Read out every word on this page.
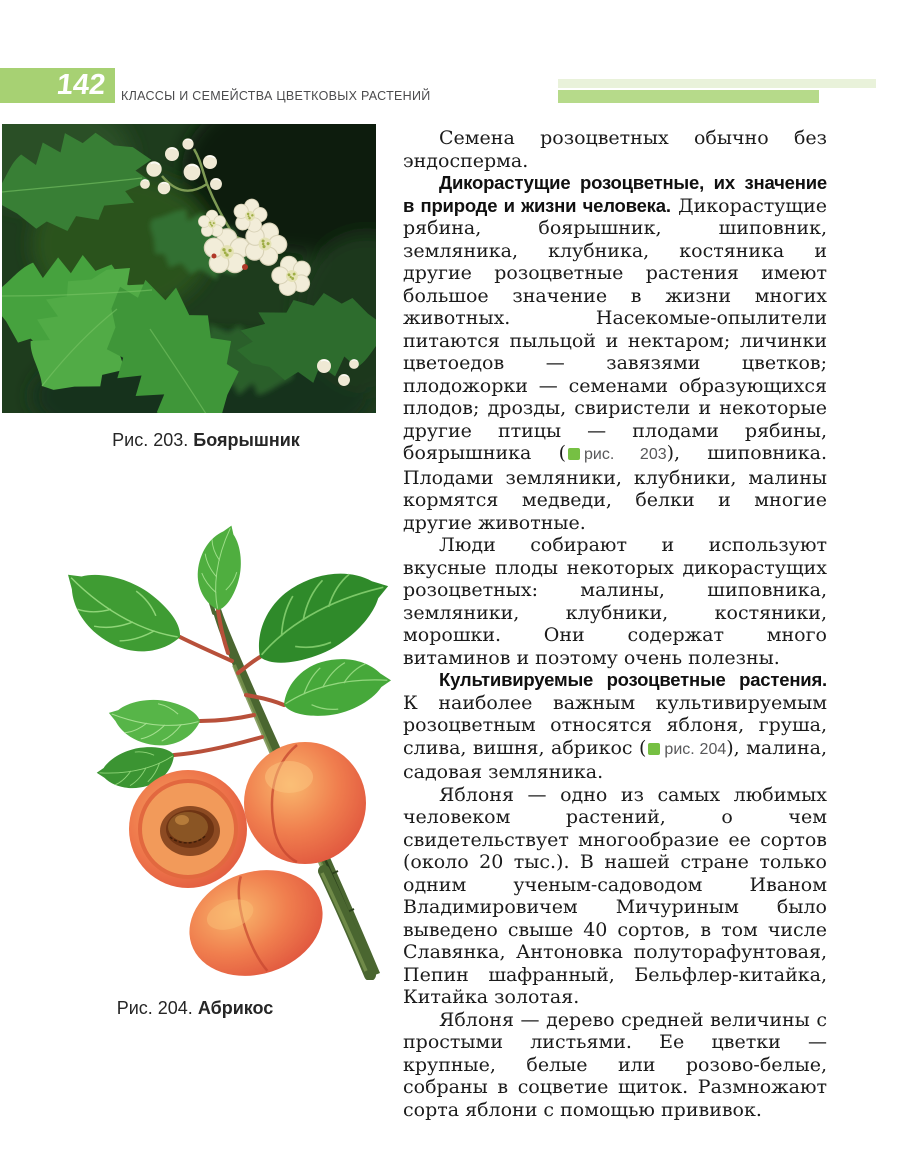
142	КЛАССЫ И СЕМЕЙСТВА ЦВЕТКОВЫХ РАСТЕНИЙ
Рис. 203. Боярышник
Рис. 204. Абрикос

Семена розоцветных обычно без эндосперма.

Дикорастущие розоцветные, их значение в природе и жизни человека. Дикорастущие рябина, боярышник, шиповник, земляника, клубника, костяника и другие розоцветные растения имеют большое значение в жизни многих животных. Насекомые-опылители питаются пыльцой и нектаром; личинки цветоедов — завязями цветков; плодожорки — семенами образующихся плодов; дрозды, свиристели и некоторые другие птицы — плодами рябины, боярышника ( рис. 203), шиповника. Плодами земляники, клубники, малины кормятся медведи, белки и многие другие животные.

Люди собирают и используют вкусные плоды некоторых дикорастущих розоцветных: малины, шиповника, земляники, клубники, костяники, морошки. Они содержат много витаминов и поэтому очень полезны.

Культивируемые розоцветные растения. К наиболее важным культивируемым розоцветным относятся яблоня, груша, слива, вишня, абрикос ( рис. 204), малина, садовая земляника.

Яблоня — одно из самых любимых человеком растений, о чем свидетельствует многообразие ее сортов (около 20 тыс.). В нашей стране только одним ученым-садоводом Иваном Владимировичем Мичуриным было выведено свыше 40 сортов, в том числе Славянка, Антоновка полуторафунтовая, Пепин шафранный, Бельфлер-китайка, Китайка золотая.

Яблоня — дерево средней величины с простыми листьями. Ее цветки — крупные, белые или розово-белые, собраны в соцветие щиток. Размножают сорта яблони с помощью прививок.
